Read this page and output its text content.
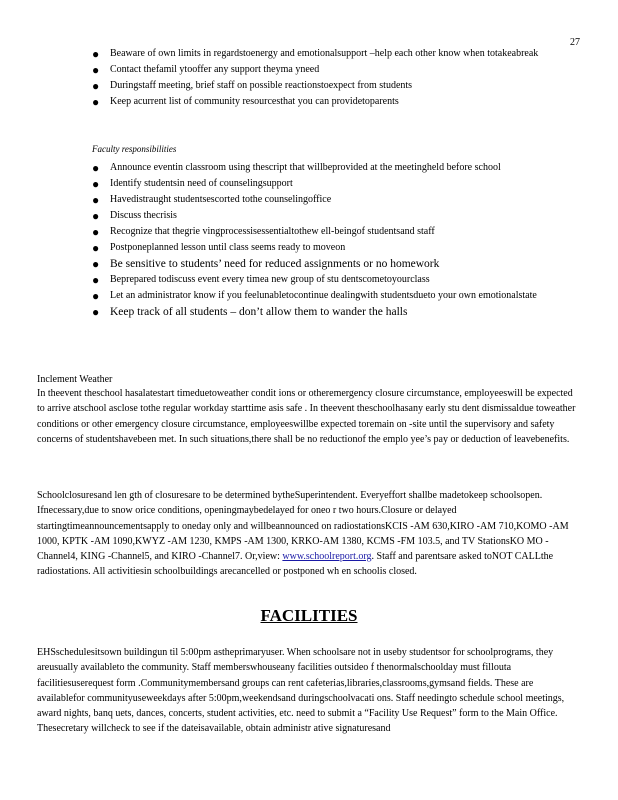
27
● Beaware of own limits in regardstoenergy and emotionalsupport –help each other know when totakeabreak
● Contact thefamil ytooffer any support theyma yneed
● Duringstaff meeting, brief staff on possible reactionstoexpect from students
● Keep acurrent list of community resourcesthat you can providetoparents
Faculty responsibilities
● Announce eventin classroom using thescript that willbeprovided at the meetingheld before school
● Identify studentsin need of counselingsupport
● Havedistraught studentsescorted tothe counselingoffice
● Discuss thecrisis
● Recognize that thegrie vingprocessisessentialtothew ell-beingof studentsand staff
● Postponeplanned lesson until class seems ready to moveon
● Be sensitive to students’ need for reduced assignments or no homework
● Beprepared todiscuss event every timea new group of stu dentscometoyourclass
● Let an administrator know if you feelunabletocontinue dealingwith studentsdueto your own emotionalstate
● Keep track of all students – don’t allow them to wander the halls
Inclement Weather
In theevent theschool hasalatestart timeduetoweather condit ions or otheremergency closure circumstance, employeeswill be expected to arrive atschool asclose tothe regular workday starttime asis safe . In theevent theschoolhasany early stu dent dismissaldue toweather conditions or other emergency closure circumstance, employeeswillbe expected toremain on -site until the supervisory and safety concerns of studentshavebeen met. In such situations,there shall be no reductionof the emplo yee’s pay or deduction of leavebenefits.
Schoolclosuresand len gth of closuresare to be determined bytheSuperintendent. Everyeffort shallbe madetokeep schoolsopen. Ifnecessary,due to snow orice conditions, openingmaybedelayed for oneo r two hours.Closure or delayed startingtimeannouncementsapply to oneday only and willbeannounced on radiostationsKCIS -AM 630,KIRO -AM 710,KOMO -AM 1000, KPTK -AM 1090,KWYZ -AM 1230, KMPS -AM 1300, KRKO-AM 1380, KCMS -FM 103.5, and TV StationsKO MO - Channel4, KING -Channel5, and KIRO -Channel7. Or,view: www.schoolreport.org. Staff and parentsare asked toNOT CALLthe radiostations. All activitiesin schoolbuildings arecancelled or postponed wh en schoolis closed.
FACILITIES
EHSschedulesitsown buildingun til 5:00pm astheprimaryuser. When schoolsare not in useby studentsor for schoolprograms, they areusually availableto the community. Staff memberswhouseany facilities outsideo f thenormalschoolday must fillouta facilitiesuserequest form .Communitymembersand groups can rent cafeterias,libraries,classrooms,gymsand fields. These are availablefor communityuseweekdays after 5:00pm,weekendsand duringschoolvacati ons. Staff needingto schedule school meetings, award nights, banq uets, dances, concerts, student activities, etc. need to submit a “Facility Use Request” form to the Main Office. Thesecretary willcheck to see if the dateisavailable, obtain administr ative signaturesand
